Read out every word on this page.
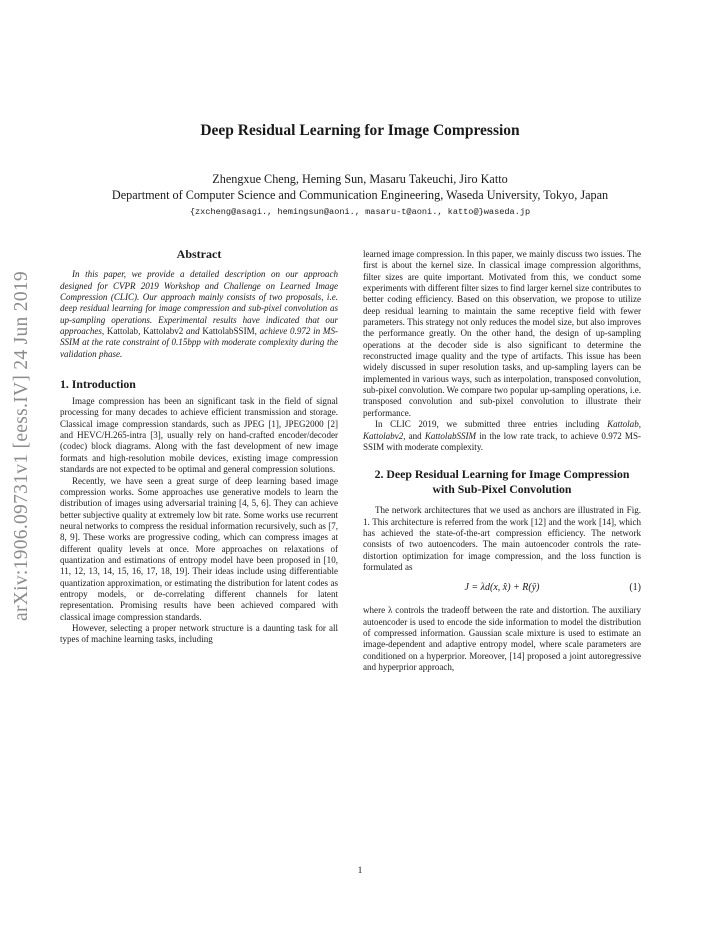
Deep Residual Learning for Image Compression
Zhengxue Cheng, Heming Sun, Masaru Takeuchi, Jiro Katto
Department of Computer Science and Communication Engineering, Waseda University, Tokyo, Japan
{zxcheng@asagi., hemingsun@aoni., masaru-t@aoni., katto@}waseda.jp
arXiv:1906.09731v1 [eess.IV] 24 Jun 2019

Abstract

In this paper, we provide a detailed description on our approach designed for CVPR 2019 Workshop and Challenge on Learned Image Compression (CLIC). Our approach mainly consists of two proposals, i.e. deep residual learning for image compression and sub-pixel convolution as up-sampling operations. Experimental results have indicated that our approaches, Kattolab, Kattolabv2 and KattolabSSIM, achieve 0.972 in MS-SSIM at the rate constraint of 0.15bpp with moderate complexity during the validation phase.

1. Introduction

Image compression has been an significant task in the field of signal processing for many decades to achieve efficient transmission and storage. Classical image compression standards, such as JPEG [1], JPEG2000 [2] and HEVC/H.265-intra [3], usually rely on hand-crafted encoder/decoder (codec) block diagrams. Along with the fast development of new image formats and high-resolution mobile devices, existing image compression standards are not expected to be optimal and general compression solutions.

Recently, we have seen a great surge of deep learning based image compression works. Some approaches use generative models to learn the distribution of images using adversarial training [4, 5, 6]. They can achieve better subjective quality at extremely low bit rate. Some works use recurrent neural networks to compress the residual information recursively, such as [7, 8, 9]. These works are progressive coding, which can compress images at different quality levels at once. More approaches on relaxations of quantization and estimations of entropy model have been proposed in [10, 11, 12, 13, 14, 15, 16, 17, 18, 19]. Their ideas include using differentiable quantization approximation, or estimating the distribution for latent codes as entropy models, or de-correlating different channels for latent representation. Promising results have been achieved compared with classical image compression standards.

However, selecting a proper network structure is a daunting task for all types of machine learning tasks, including

learned image compression. In this paper, we mainly discuss two issues. The first is about the kernel size. In classical image compression algorithms, filter sizes are quite important. Motivated from this, we conduct some experiments with different filter sizes to find larger kernel size contributes to better coding efficiency. Based on this observation, we propose to utilize deep residual learning to maintain the same receptive field with fewer parameters. This strategy not only reduces the model size, but also improves the performance greatly. On the other hand, the design of up-sampling operations at the decoder side is also significant to determine the reconstructed image quality and the type of artifacts. This issue has been widely discussed in super resolution tasks, and up-sampling layers can be implemented in various ways, such as interpolation, transposed convolution, sub-pixel convolution. We compare two popular up-sampling operations, i.e. transposed convolution and sub-pixel convolution to illustrate their performance.

In CLIC 2019, we submitted three entries including Kattolab, Kattolabv2, and KattolabSSIM in the low rate track, to achieve 0.972 MS-SSIM with moderate complexity.

2. Deep Residual Learning for Image Compression with Sub-Pixel Convolution

The network architectures that we used as anchors are illustrated in Fig. 1. This architecture is referred from the work [12] and the work [14], which has achieved the state-of-the-art compression efficiency. The network consists of two autoencoders. The main autoencoder controls the rate-distortion optimization for image compression, and the loss function is formulated as

J = λd(x, x̂) + R(ŷ)	(1)

where λ controls the tradeoff between the rate and distortion. The auxiliary autoencoder is used to encode the side information to model the distribution of compressed information. Gaussian scale mixture is used to estimate an image-dependent and adaptive entropy model, where scale parameters are conditioned on a hyperprior. Moreover, [14] proposed a joint autoregressive and hyperprior approach,

1
